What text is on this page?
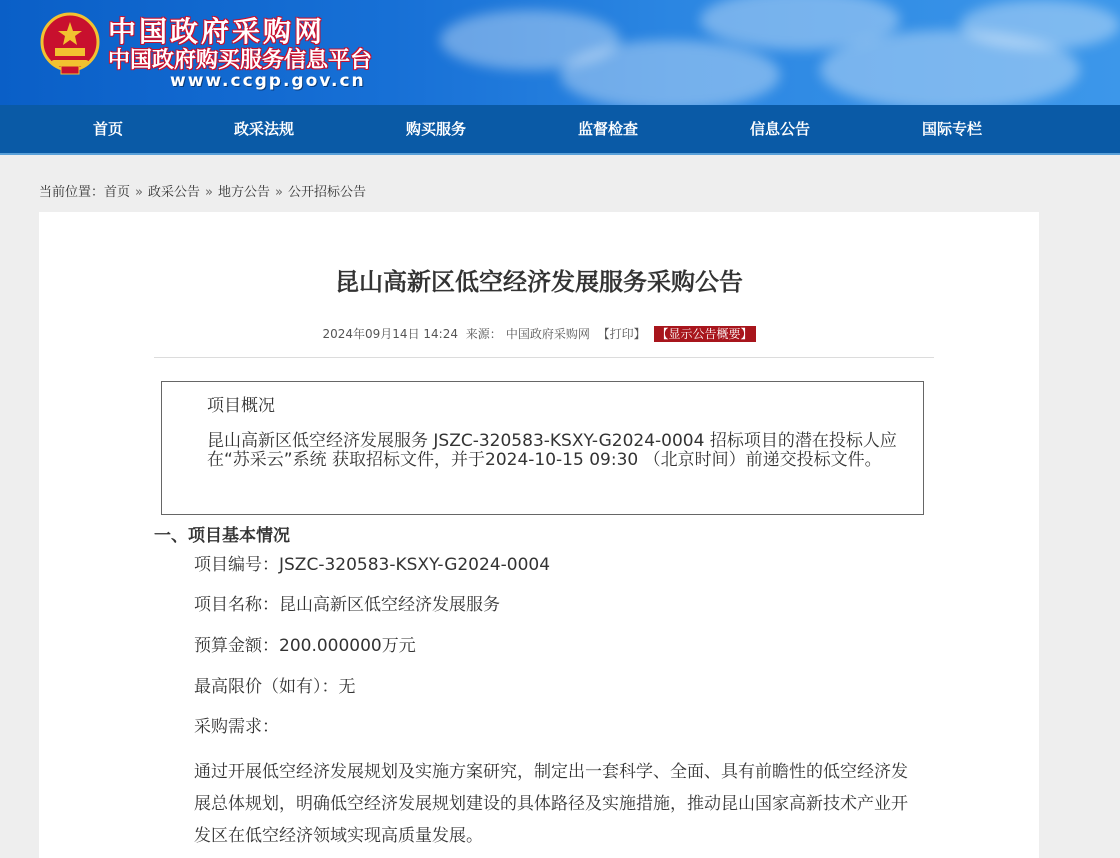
中国政府采购网
中国政府购买服务信息平台
www.ccgp.gov.cn
首页	政采法规	购买服务	监督检查	信息公告	国际专栏
当前位置：首页 » 政采公告 » 地方公告 » 公开招标公告
昆山高新区低空经济发展服务采购公告
2024年09月14日 14:24 来源： 中国政府采购网 【打印】 【显示公告概要】
项目概况
昆山高新区低空经济发展服务 JSZC-320583-KSXY-G2024-0004 招标项目的潜在投标人应在“苏采云”系统 获取招标文件，并于2024-10-15 09:30 （北京时间）前递交投标文件。
一、项目基本情况
项目编号：JSZC-320583-KSXY-G2024-0004
项目名称：昆山高新区低空经济发展服务
预算金额：200.000000万元
最高限价（如有）：无
采购需求：
通过开展低空经济发展规划及实施方案研究，制定出一套科学、全面、具有前瞻性的低空经济发展总体规划，明确低空经济发展规划建设的具体路径及实施措施，推动昆山国家高新技术产业开发区在低空经济领域实现高质量发展。
